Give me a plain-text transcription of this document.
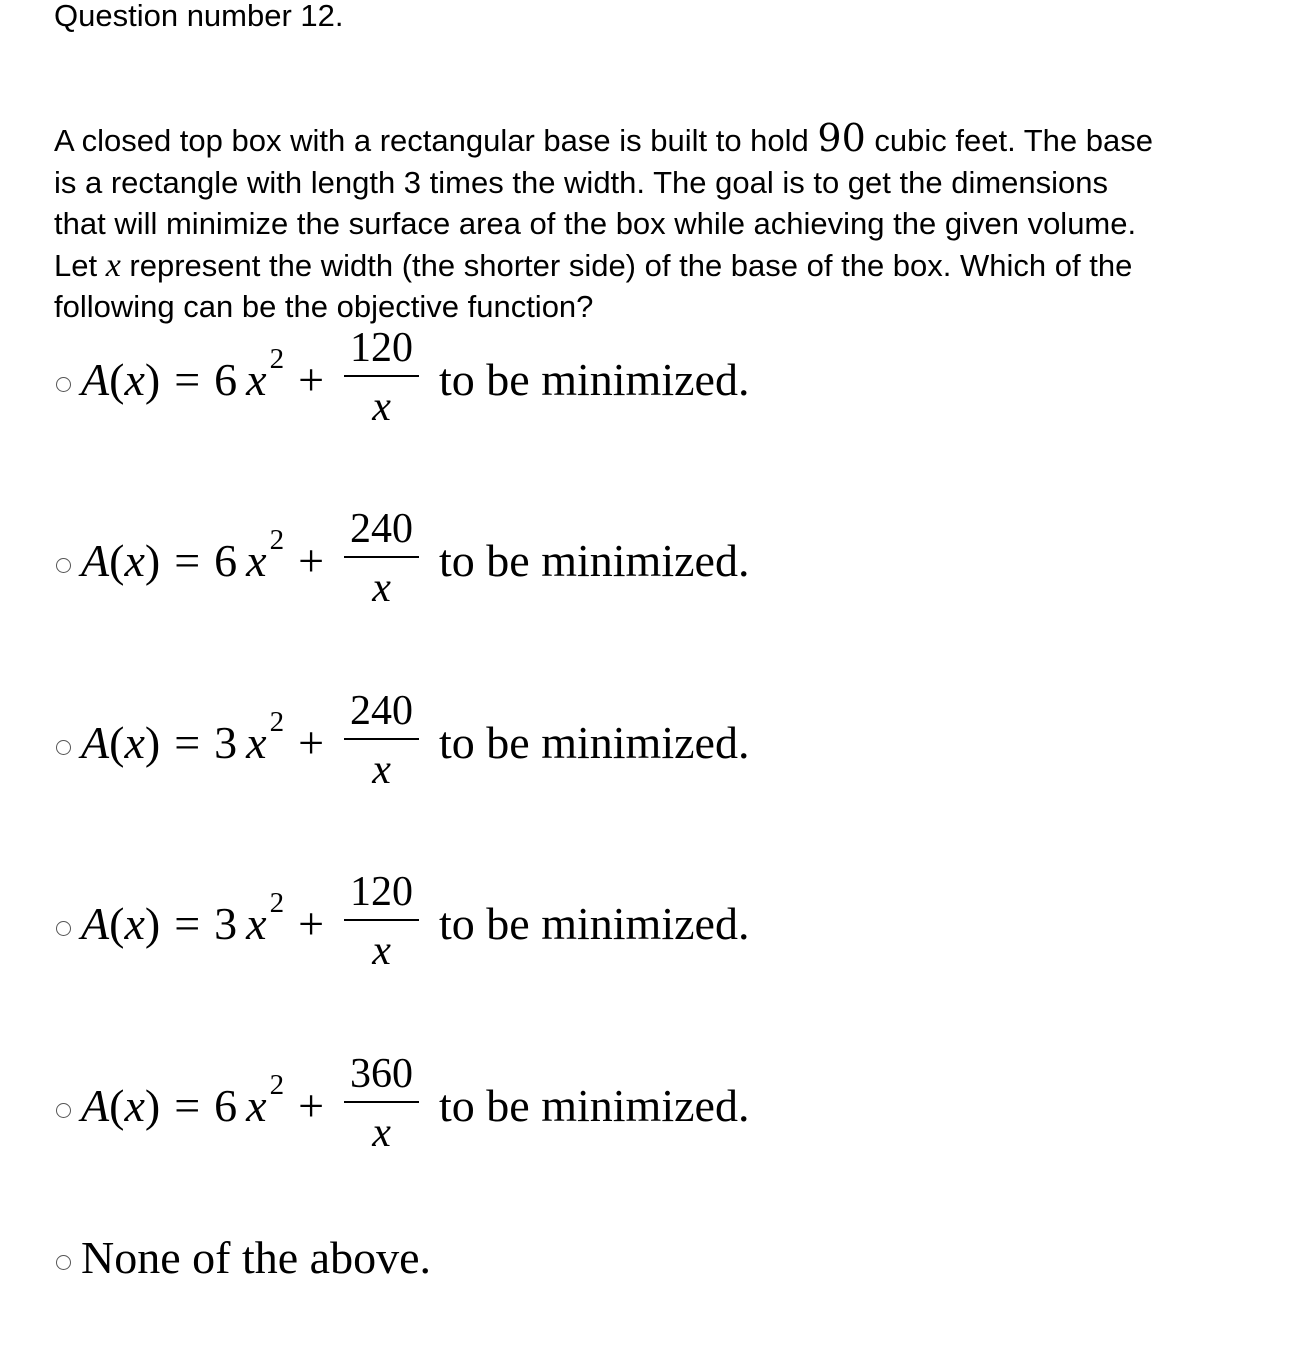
Question number 12.
A closed top box with a rectangular base is built to hold 90 cubic feet. The base
is a rectangle with length 3 times the width. The goal is to get the dimensions
that will minimize the surface area of the box while achieving the given volume.
Let x represent the width (the shorter side) of the base of the box. Which of the
following can be the objective function?
A ( x ) = 6 x $2 + \frac{120}{x}$ to be minimized.
A ( x ) = 6 x $2 + \frac{240}{x}$ to be minimized.
A ( x ) = 3 x $2 + \frac{240}{x}$ to be minimized.
A ( x ) = 3 x $2 + \frac{120}{x}$ to be minimized.
A ( x ) = 6 x $2 + \frac{360}{x}$ to be minimized.
None of the above.
